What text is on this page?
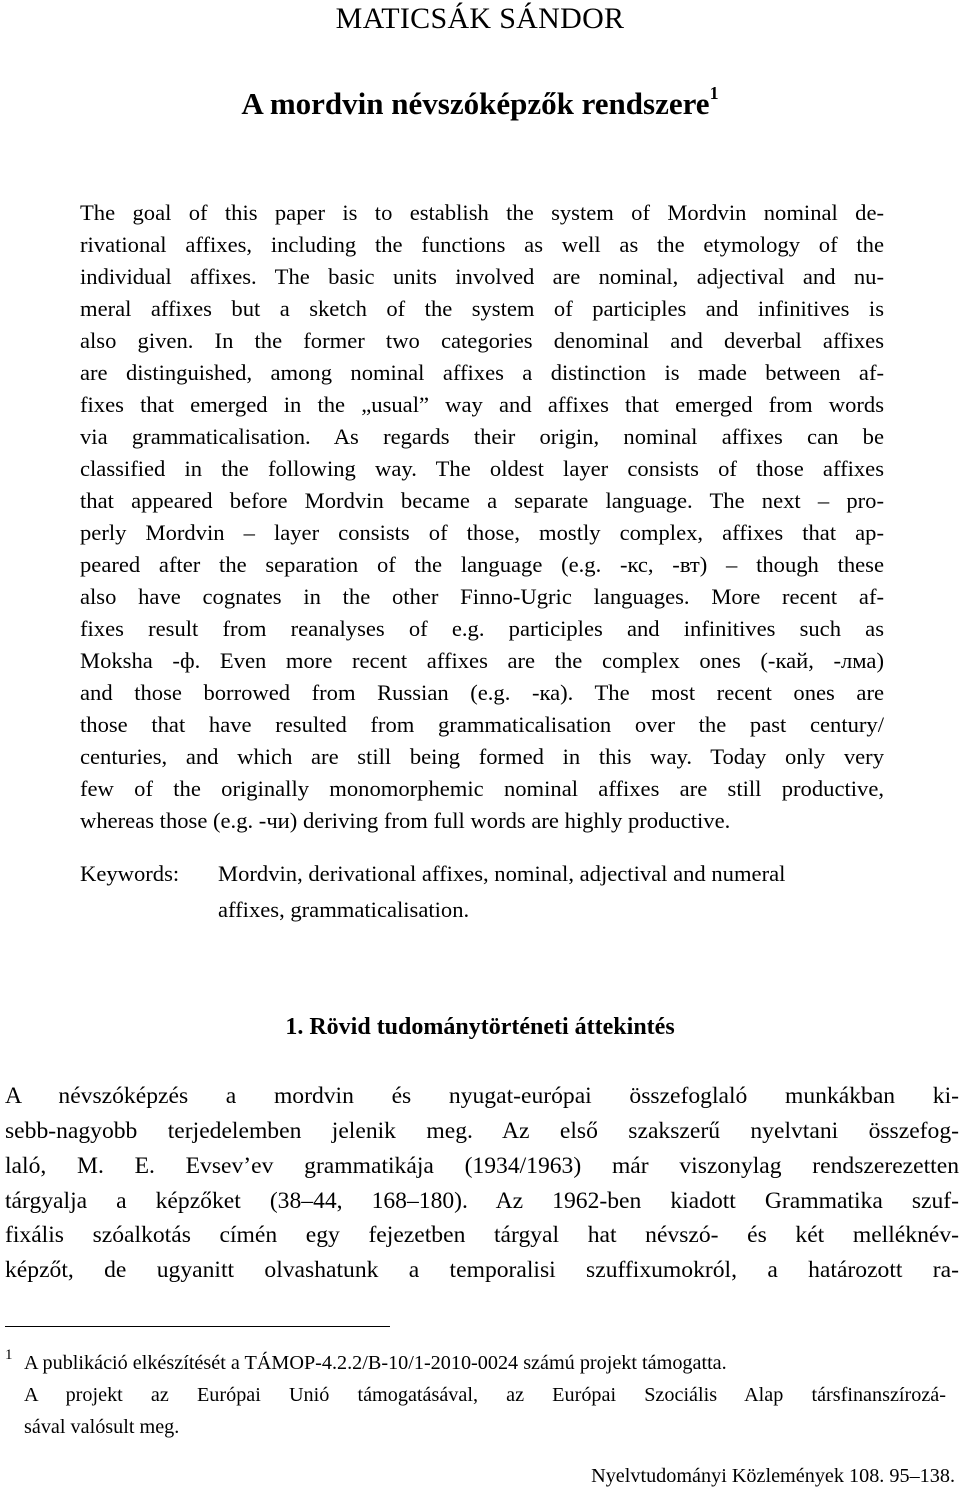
MATICSÁK SÁNDOR
A mordvin névszóképzők rendszere$^1$
The goal of this paper is to establish the system of Mordvin nominal de-
rivational affixes, including the functions as well as the etymology of the
individual affixes. The basic units involved are nominal, adjectival and nu-
meral affixes but a sketch of the system of participles and infinitives is
also given. In the former two categories denominal and deverbal affixes
are distinguished, among nominal affixes a distinction is made between af-
fixes that emerged in the „usual” way and affixes that emerged from words
via grammaticalisation. As regards their origin, nominal affixes can be
classified in the following way. The oldest layer consists of those affixes
that appeared before Mordvin became a separate language. The next – pro-
perly Mordvin – layer consists of those, mostly complex, affixes that ap-
peared after the separation of the language (e.g. -кс, -вт) – though these
also have cognates in the other Finno-Ugric languages. More recent af-
fixes result from reanalyses of e.g. participles and infinitives such as
Moksha -ф. Even more recent affixes are the complex ones (-кай, -лма)
and those borrowed from Russian (e.g. -ка). The most recent ones are
those that have resulted from grammaticalisation over the past century/
centuries, and which are still being formed in this way. Today only very
few of the originally monomorphemic nominal affixes are still productive,
whereas those (e.g. -чи) deriving from full words are highly productive.
Keywords: Mordvin, derivational affixes, nominal, adjectival and numeral
affixes, grammaticalisation.
1. Rövid tudománytörténeti áttekintés
A névszóképzés a mordvin és nyugat-európai összefoglaló munkákban ki-
sebb-nagyobb terjedelemben jelenik meg. Az első szakszerű nyelvtani összefog-
laló, M. E. Evsev’ev grammatikája (1934/1963) már viszonylag rendszerezetten
tárgyalja a képzőket (38‒44, 168‒180). Az 1962-ben kiadott Grammatika szuf-
fixális szóalkotás címén egy fejezetben tárgyal hat névszó- és két melléknév-
képzőt, de ugyanitt olvashatunk a temporalisi szuffixumokról, a határozott ra-
1 A publikáció elkészítését a TÁMOP-4.2.2/B-10/1-2010-0024 számú projekt támogatta.
A projekt az Európai Unió támogatásával, az Európai Szociális Alap társfinanszírozá-
sával valósult meg.
Nyelvtudományi Közlemények 108. 95–138.
